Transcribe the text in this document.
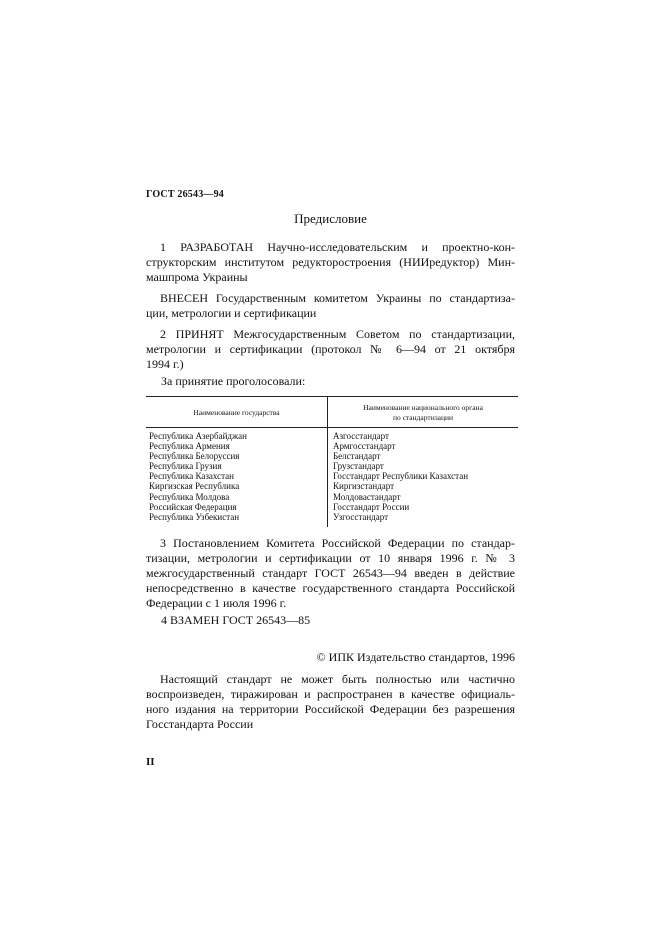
ГОСТ 26543—94
Предисловие
1 РАЗРАБОТАН Научно-исследовательским и проектно-кон-
структорским институтом редукторостроения (НИИредуктор) Мин-
машпрома Украины
ВНЕСЕН Государственным комитетом Украины по стандартиза-
ции, метрологии и сертификации
2 ПРИНЯТ Межгосударственным Советом по стандартизации,
метрологии и сертификации (протокол № 6—94 от 21 октября
1994 г.)
За принятие проголосовали:
Наименование государства
Наименование национального органа
по стандартизации
Республика Азербайджан
Республика Армения
Республика Белоруссия
Республика Грузия
Республика Казахстан
Киргизская Республика
Республика Молдова
Российская Федерация
Республика Узбекистан
Азгосстандарт
Армгосстандарт
Белстандарт
Грузстандарт
Госстандарт Республики Казахстан
Киргизстандарт
Молдовастандарт
Госстандарт России
Узгосстандарт
3 Постановлением Комитета Российской Федерации по стандар-
тизации, метрологии и сертификации от 10 января 1996 г. № 3
межгосударственный стандарт ГОСТ 26543—94 введен в действие
непосредственно в качестве государственного стандарта Российской
Федерации с 1 июля 1996 г.
4 ВЗАМЕН ГОСТ 26543—85
© ИПК Издательство стандартов, 1996
Настоящий стандарт не может быть полностью или частично
воспроизведен, тиражирован и распространен в качестве официаль-
ного издания на территории Российской Федерации без разрешения
Госстандарта России
II
